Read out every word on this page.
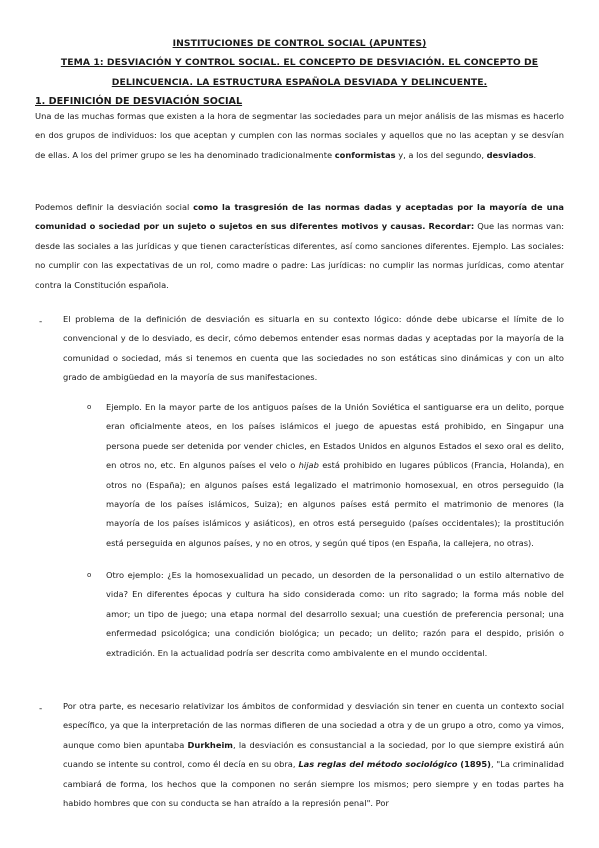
INSTITUCIONES DE CONTROL SOCIAL (APUNTES)
TEMA 1: DESVIACIÓN Y CONTROL SOCIAL. EL CONCEPTO DE DESVIACIÓN. EL CONCEPTO DE
DELINCUENCIA. LA ESTRUCTURA ESPAÑOLA DESVIADA Y DELINCUENTE.
1. DEFINICIÓN DE DESVIACIÓN SOCIAL

Una de las muchas formas que existen a la hora de segmentar las sociedades para un mejor análisis de las mismas es hacerlo en dos grupos de individuos: los que aceptan y cumplen con las normas sociales y aquellos que no las aceptan y se desvían de ellas. A los del primer grupo se les ha denominado tradicionalmente conformistas y, a los del segundo, desviados.

Podemos definir la desviación social como la trasgresión de las normas dadas y aceptadas por la mayoría de una comunidad o sociedad por un sujeto o sujetos en sus diferentes motivos y causas. Recordar: Que las normas van: desde las sociales a las jurídicas y que tienen características diferentes, así como sanciones diferentes. Ejemplo. Las sociales: no cumplir con las expectativas de un rol, como madre o padre: Las jurídicas: no cumplir las normas jurídicas, como atentar contra la Constitución española.

-	El problema de la definición de desviación es situarla en su contexto lógico: dónde debe ubicarse el límite de lo convencional y de lo desviado, es decir, cómo debemos entender esas normas dadas y aceptadas por la mayoría de la comunidad o sociedad, más si tenemos en cuenta que las sociedades no son estáticas sino dinámicas y con un alto grado de ambigüedad en la mayoría de sus manifestaciones.

o Ejemplo. En la mayor parte de los antiguos países de la Unión Soviética el santiguarse era un delito, porque eran oficialmente ateos, en los países islámicos el juego de apuestas está prohibido, en Singapur una persona puede ser detenida por vender chicles, en Estados Unidos en algunos Estados el sexo oral es delito, en otros no, etc. En algunos países el velo o hijab está prohibido en lugares públicos (Francia, Holanda), en otros no (España); en algunos países está legalizado el matrimonio homosexual, en otros perseguido (la mayoría de los países islámicos, Suiza); en algunos países está permito el matrimonio de menores (la mayoría de los países islámicos y asiáticos), en otros está perseguido (países occidentales); la prostitución está perseguida en algunos países, y no en otros, y según qué tipos (en España, la callejera, no otras).

o Otro ejemplo: ¿Es la homosexualidad un pecado, un desorden de la personalidad o un estilo alternativo de vida? En diferentes épocas y cultura ha sido considerada como: un rito sagrado; la forma más noble del amor; un tipo de juego; una etapa normal del desarrollo sexual; una cuestión de preferencia personal; una enfermedad psicológica; una condición biológica; un pecado; un delito; razón para el despido, prisión o extradición. En la actualidad podría ser descrita como ambivalente en el mundo occidental.

-	Por otra parte, es necesario relativizar los ámbitos de conformidad y desviación sin tener en cuenta un contexto social específico, ya que la interpretación de las normas difieren de una sociedad a otra y de un grupo a otro, como ya vimos, aunque como bien apuntaba Durkheim, la desviación es consustancial a la sociedad, por lo que siempre existirá aún cuando se intente su control, como él decía en su obra, Las reglas del método sociológico (1895), "La criminalidad cambiará de forma, los hechos que la componen no serán siempre los mismos; pero siempre y en todas partes ha habido hombres que con su conducta se han atraído a la represión penal". Por
